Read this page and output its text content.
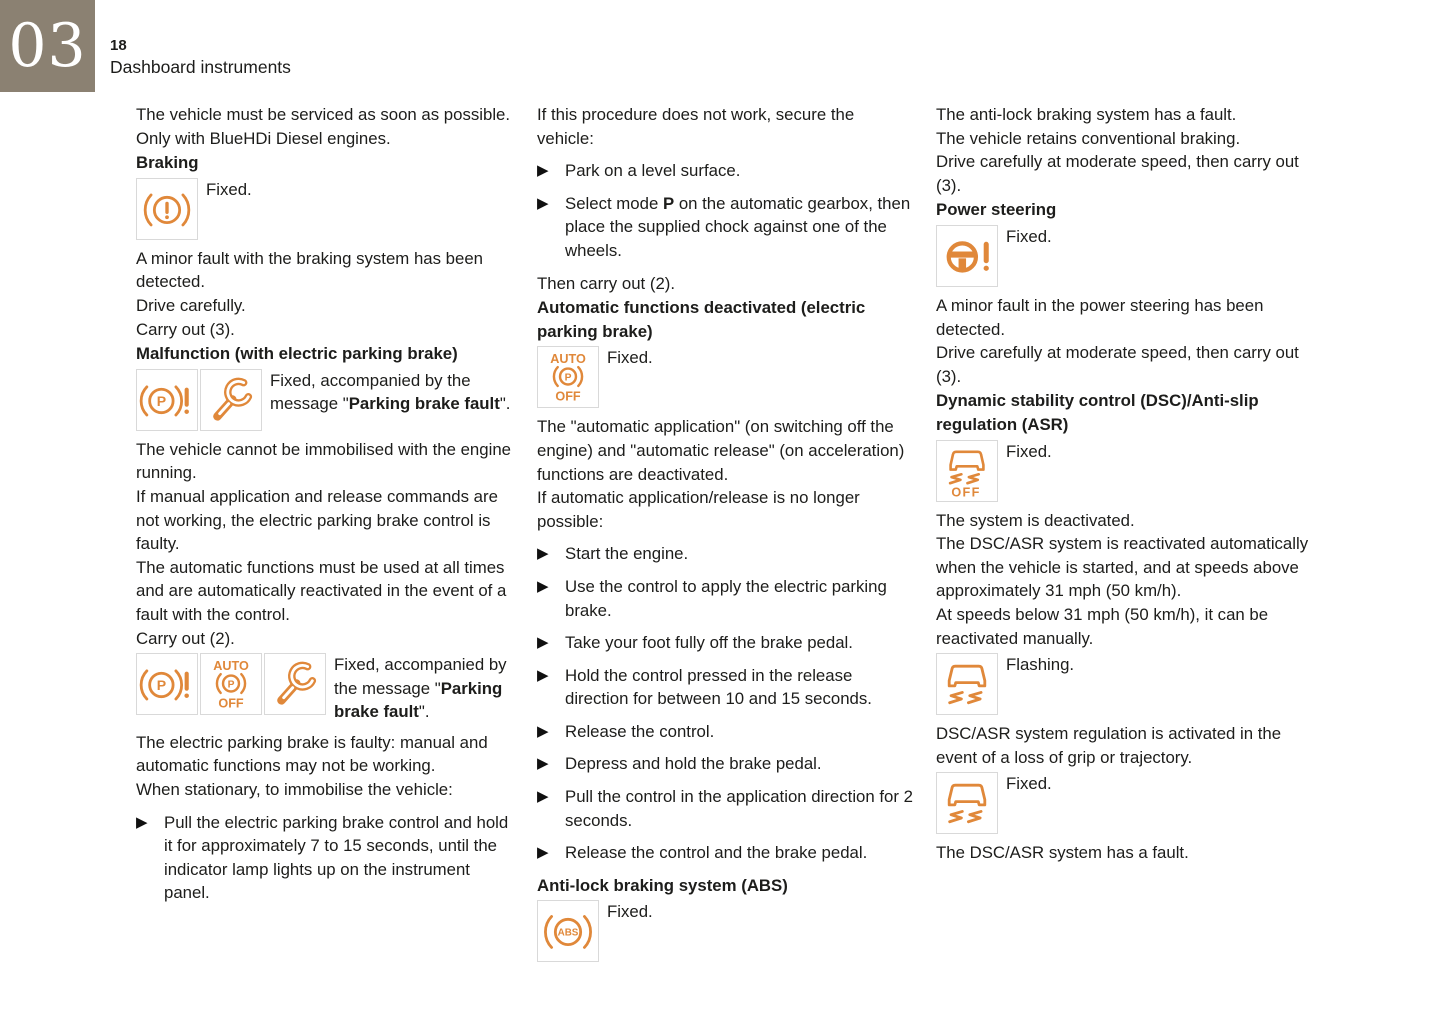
03 18
Dashboard instruments

The vehicle must be serviced as soon as possible.

Only with BlueHDi Diesel engines.

Braking

Fixed.

A minor fault with the braking system has been detected.

Drive carefully.

Carry out (3).

Malfunction (with electric parking brake)

P
Fixed, accompanied by the message "Parking brake fault".

The vehicle cannot be immobilised with the engine running.

If manual application and release commands are not working, the electric parking brake control is faulty.

The automatic functions must be used at all times and are automatically reactivated in the event of a fault with the control.

Carry out (2).

P
AUTO
P
OFF
Fixed, accompanied by the message "Parking brake fault".

The electric parking brake is faulty: manual and automatic functions may not be working.

When stationary, to immobilise the vehicle:

▶ Pull the electric parking brake control and hold it for approximately 7 to 15 seconds, until the indicator lamp lights up on the instrument panel.

If this procedure does not work, secure the vehicle:

▶ Park on a level surface.
▶ Select mode P on the automatic gearbox, then place the supplied chock against one of the wheels.

Then carry out (2).

Automatic functions deactivated (electric parking brake)

AUTO
P
OFF
Fixed.

The "automatic application" (on switching off the engine) and "automatic release" (on acceleration) functions are deactivated.

If automatic application/release is no longer possible:

▶ Start the engine.
▶ Use the control to apply the electric parking brake.
▶ Take your foot fully off the brake pedal.
▶ Hold the control pressed in the release direction for between 10 and 15 seconds.
▶ Release the control.
▶ Depress and hold the brake pedal.
▶ Pull the control in the application direction for 2 seconds.
▶ Release the control and the brake pedal.

Anti-lock braking system (ABS)

ABS
Fixed.

The anti-lock braking system has a fault.

The vehicle retains conventional braking.

Drive carefully at moderate speed, then carry out (3).

Power steering

Fixed.

A minor fault in the power steering has been detected.

Drive carefully at moderate speed, then carry out (3).

Dynamic stability control (DSC)/Anti-slip regulation (ASR)

OFF
Fixed.

The system is deactivated.

The DSC/ASR system is reactivated automatically when the vehicle is started, and at speeds above approximately 31 mph (50 km/h).

At speeds below 31 mph (50 km/h), it can be reactivated manually.

Flashing.

DSC/ASR system regulation is activated in the event of a loss of grip or trajectory.

Fixed.

The DSC/ASR system has a fault.
